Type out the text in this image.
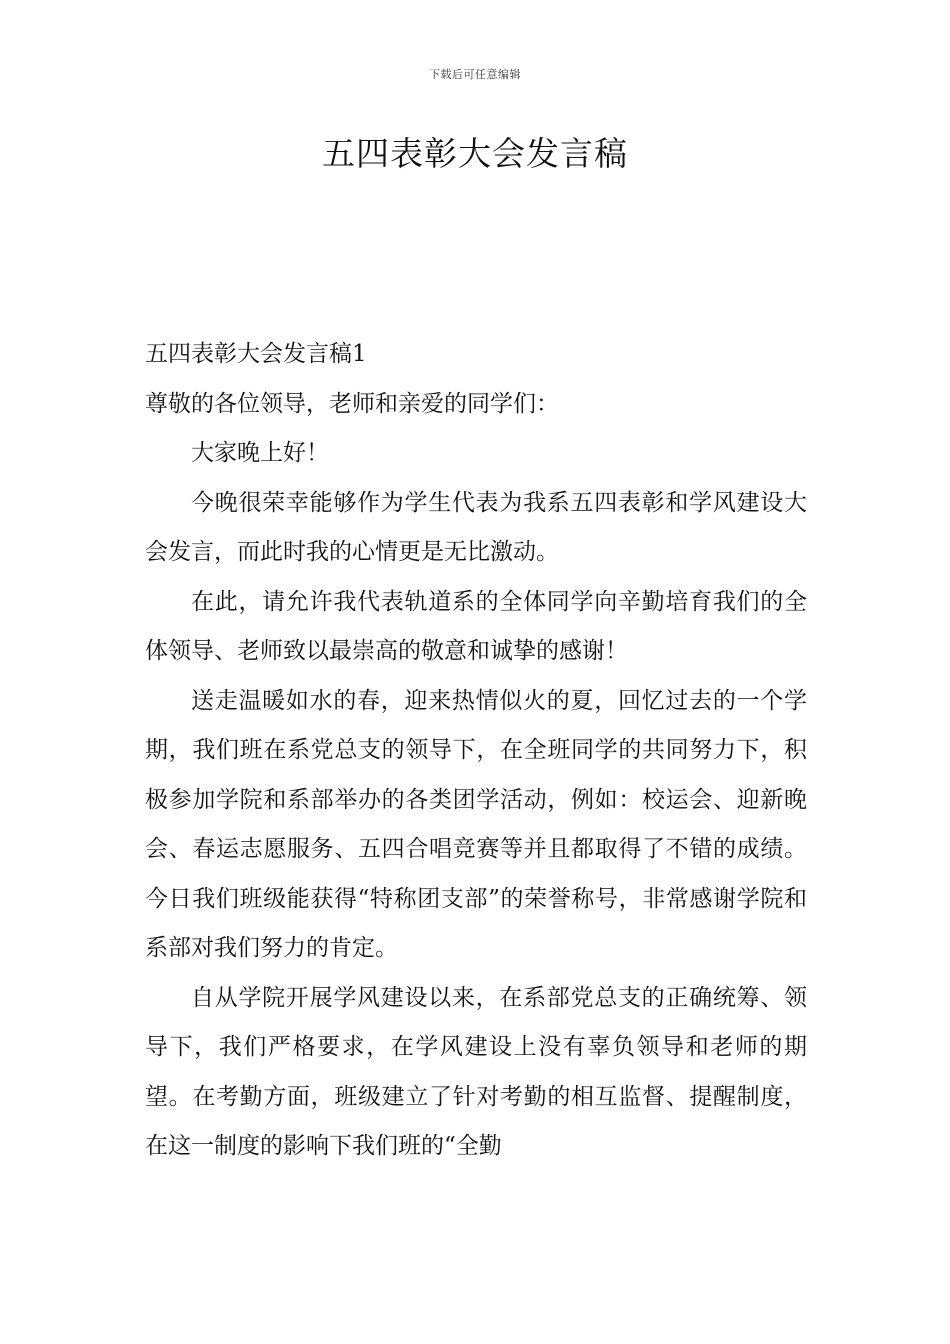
下载后可任意编辑
五四表彰大会发言稿

五四表彰大会发言稿1

尊敬的各位领导，老师和亲爱的同学们：

大家晚上好！

今晚很荣幸能够作为学生代表为我系五四表彰和学风建设大会发言，而此时我的心情更是无比激动。

在此，请允许我代表轨道系的全体同学向辛勤培育我们的全体领导、老师致以最崇高的敬意和诚挚的感谢！

送走温暖如水的春，迎来热情似火的夏，回忆过去的一个学期，我们班在系党总支的领导下，在全班同学的共同努力下，积极参加学院和系部举办的各类团学活动，例如：校运会、迎新晚会、春运志愿服务、五四合唱竞赛等并且都取得了不错的成绩。今日我们班级能获得“特称团支部”的荣誉称号，非常感谢学院和系部对我们努力的肯定。

自从学院开展学风建设以来，在系部党总支的正确统筹、领导下，我们严格要求，在学风建设上没有辜负领导和老师的期望。在考勤方面，班级建立了针对考勤的相互监督、提醒制度，在这一制度的影响下我们班的“全勤
